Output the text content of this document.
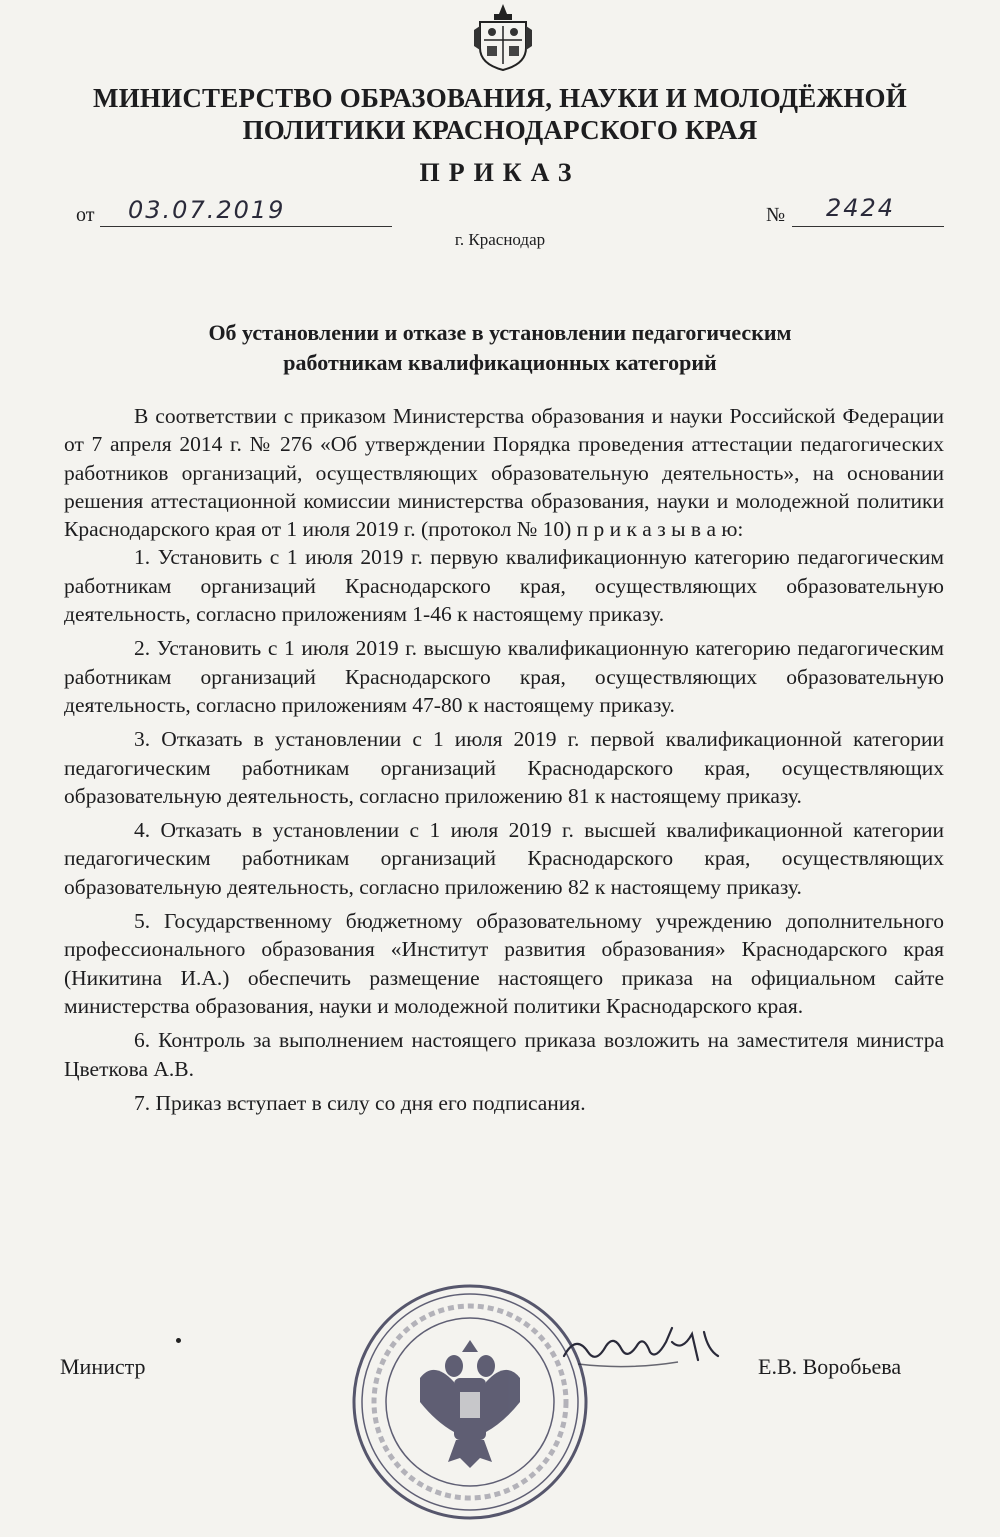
МИНИСТЕРСТВО ОБРАЗОВАНИЯ, НАУКИ И МОЛОДЁЖНОЙ
ПОЛИТИКИ КРАСНОДАРСКОГО КРАЯ
ПРИКАЗ
от 03.07.2019	№ 2424
г. Краснодар
Об установлении и отказе в установлении педагогическим
работникам квалификационных категорий

В соответствии с приказом Министерства образования и науки Российской Федерации от 7 апреля 2014 г. № 276 «Об утверждении Порядка проведения аттестации педагогических работников организаций, осуществляющих образовательную деятельность», на основании решения аттестационной комиссии министерства образования, науки и молодежной политики Краснодарского края от 1 июля 2019 г. (протокол № 10) п р и к а з ы в а ю:

1. Установить с 1 июля 2019 г. первую квалификационную категорию педагогическим работникам организаций Краснодарского края, осуществляющих образовательную деятельность, согласно приложениям 1-46 к настоящему приказу.

2. Установить с 1 июля 2019 г. высшую квалификационную категорию педагогическим работникам организаций Краснодарского края, осуществляющих образовательную деятельность, согласно приложениям 47-80 к настоящему приказу.

3. Отказать в установлении с 1 июля 2019 г. первой квалификационной категории педагогическим работникам организаций Краснодарского края, осуществляющих образовательную деятельность, согласно приложению 81 к настоящему приказу.

4. Отказать в установлении с 1 июля 2019 г. высшей квалификационной категории педагогическим работникам организаций Краснодарского края, осуществляющих образовательную деятельность, согласно приложению 82 к настоящему приказу.

5. Государственному бюджетному образовательному учреждению дополнительного профессионального образования «Институт развития образования» Краснодарского края (Никитина И.А.) обеспечить размещение настоящего приказа на официальном сайте министерства образования, науки и молодежной политики Краснодарского края.

6. Контроль за выполнением настоящего приказа возложить на заместителя министра Цветкова А.В.

7. Приказ вступает в силу со дня его подписания.

Министр	Е.В. Воробьева
